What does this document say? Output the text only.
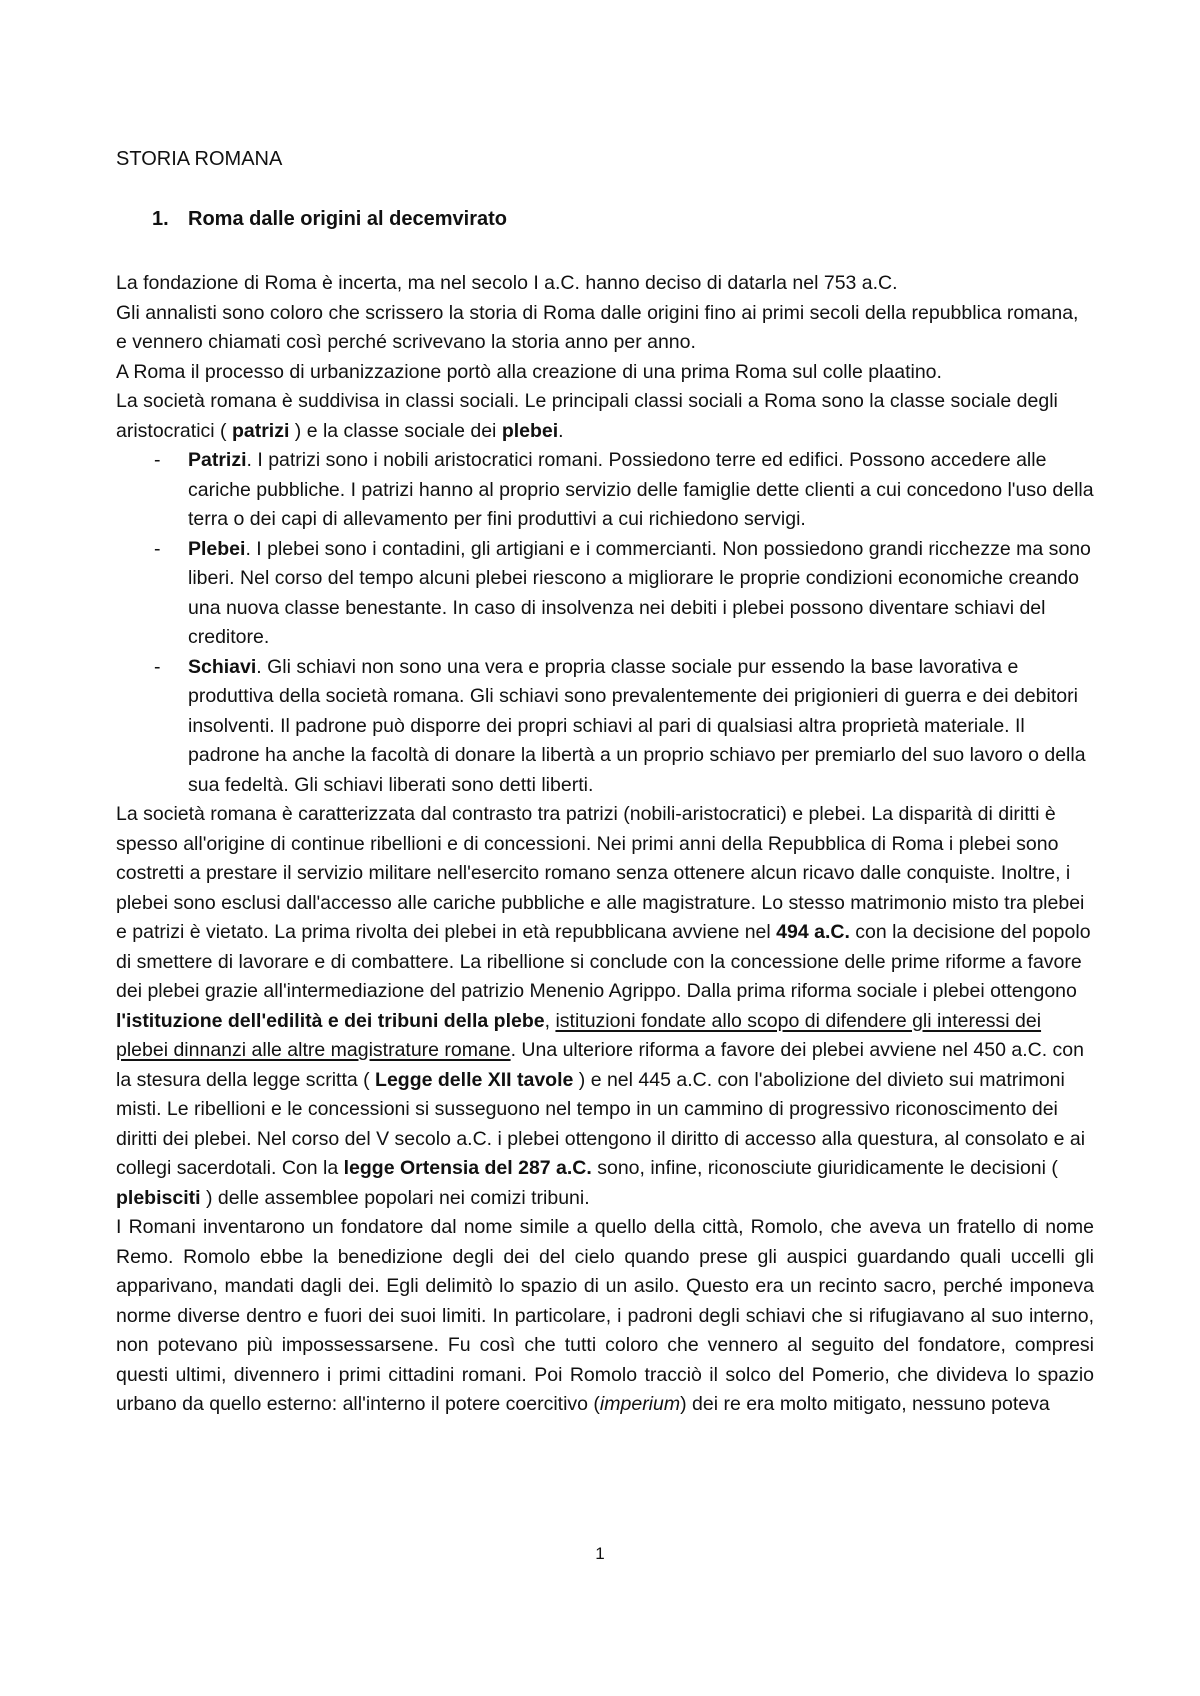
STORIA ROMANA
1. Roma dalle origini al decemvirato

La fondazione di Roma è incerta, ma nel secolo I a.C. hanno deciso di datarla nel 753 a.C.

Gli annalisti sono coloro che scrissero la storia di Roma dalle origini fino ai primi secoli della repubblica romana, e vennero chiamati così perché scrivevano la storia anno per anno.

A Roma il processo di urbanizzazione portò alla creazione di una prima Roma sul colle plaatino.

La società romana è suddivisa in classi sociali. Le principali classi sociali a Roma sono la classe sociale degli aristocratici ( patrizi ) e la classe sociale dei plebei.

- Patrizi. I patrizi sono i nobili aristocratici romani. Possiedono terre ed edifici. Possono accedere alle cariche pubbliche. I patrizi hanno al proprio servizio delle famiglie dette clienti a cui concedono l'uso della terra o dei capi di allevamento per fini produttivi a cui richiedono servigi.
- Plebei. I plebei sono i contadini, gli artigiani e i commercianti. Non possiedono grandi ricchezze ma sono liberi. Nel corso del tempo alcuni plebei riescono a migliorare le proprie condizioni economiche creando una nuova classe benestante. In caso di insolvenza nei debiti i plebei possono diventare schiavi del creditore.
- Schiavi. Gli schiavi non sono una vera e propria classe sociale pur essendo la base lavorativa e produttiva della società romana. Gli schiavi sono prevalentemente dei prigionieri di guerra e dei debitori insolventi. Il padrone può disporre dei propri schiavi al pari di qualsiasi altra proprietà materiale. Il padrone ha anche la facoltà di donare la libertà a un proprio schiavo per premiarlo del suo lavoro o della sua fedeltà. Gli schiavi liberati sono detti liberti.

La società romana è caratterizzata dal contrasto tra patrizi (nobili-aristocratici) e plebei. La disparità di diritti è spesso all'origine di continue ribellioni e di concessioni. Nei primi anni della Repubblica di Roma i plebei sono costretti a prestare il servizio militare nell'esercito romano senza ottenere alcun ricavo dalle conquiste. Inoltre, i plebei sono esclusi dall'accesso alle cariche pubbliche e alle magistrature. Lo stesso matrimonio misto tra plebei e patrizi è vietato. La prima rivolta dei plebei in età repubblicana avviene nel 494 a.C. con la decisione del popolo di smettere di lavorare e di combattere. La ribellione si conclude con la concessione delle prime riforme a favore dei plebei grazie all'intermediazione del patrizio Menenio Agrippo. Dalla prima riforma sociale i plebei ottengono l'istituzione dell'edilità e dei tribuni della plebe, istituzioni fondate allo scopo di difendere gli interessi dei plebei dinnanzi alle altre magistrature romane. Una ulteriore riforma a favore dei plebei avviene nel 450 a.C. con la stesura della legge scritta ( Legge delle XII tavole ) e nel 445 a.C. con l'abolizione del divieto sui matrimoni misti. Le ribellioni e le concessioni si susseguono nel tempo in un cammino di progressivo riconoscimento dei diritti dei plebei. Nel corso del V secolo a.C. i plebei ottengono il diritto di accesso alla questura, al consolato e ai collegi sacerdotali. Con la legge Ortensia del 287 a.C. sono, infine, riconosciute giuridicamente le decisioni ( plebisciti ) delle assemblee popolari nei comizi tribuni.

I Romani inventarono un fondatore dal nome simile a quello della città, Romolo, che aveva un fratello di nome Remo. Romolo ebbe la benedizione degli dei del cielo quando prese gli auspici guardando quali uccelli gli apparivano, mandati dagli dei. Egli delimitò lo spazio di un asilo. Questo era un recinto sacro, perché imponeva norme diverse dentro e fuori dei suoi limiti. In particolare, i padroni degli schiavi che si rifugiavano al suo interno, non potevano più impossessarsene. Fu così che tutti coloro che vennero al seguito del fondatore, compresi questi ultimi, divennero i primi cittadini romani. Poi Romolo tracciò il solco del Pomerio, che divideva lo spazio urbano da quello esterno: all'interno il potere coercitivo (imperium) dei re era molto mitigato, nessuno poteva

1
